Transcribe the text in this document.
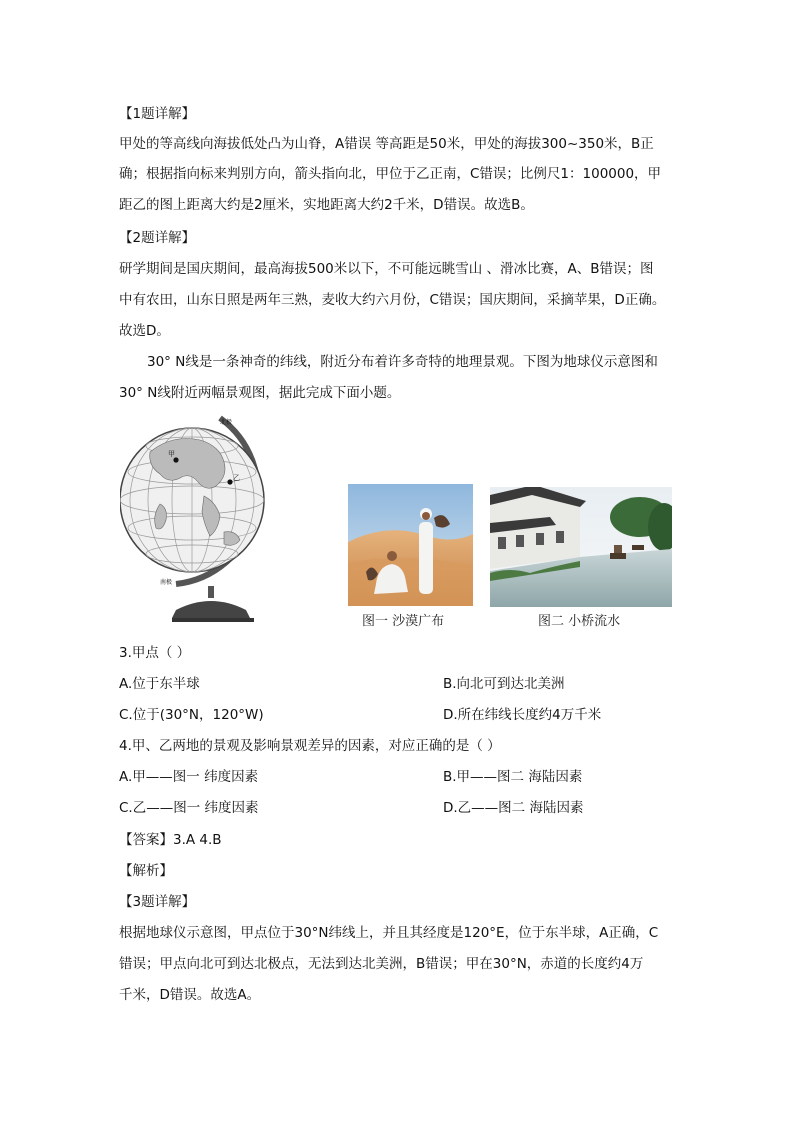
【1题详解】
甲处的等高线向海拔低处凸为山脊，A错误 等高距是50米，甲处的海拔300~350米，B正
确；根据指向标来判别方向，箭头指向北，甲位于乙正南，C错误；比例尺1：100000，甲
距乙的图上距离大约是2厘米，实地距离大约2千米，D错误。故选B。
【2题详解】
研学期间是国庆期间，最高海拔500米以下，不可能远眺雪山 、滑冰比赛，A、B错误；图
中有农田，山东日照是两年三熟，麦收大约六月份，C错误；国庆期间，采摘苹果，D正确。
故选D。
30° N线是一条神奇的纬线，附近分布着许多奇特的地理景观。下图为地球仪示意图和
30° N线附近两幅景观图，据此完成下面小题。
甲
乙
北极
南极
图一 沙漠广布	图二 小桥流水
3.甲点（ ）
A.位于东半球	B.向北可到达北美洲
C.位于(30°N，120°W)	D.所在纬线长度约4万千米
4.甲、乙两地的景观及影响景观差异的因素，对应正确的是（ ）
A.甲——图一 纬度因素	B.甲——图二 海陆因素
C.乙——图一 纬度因素	D.乙——图二 海陆因素
【答案】3.A 4.B
【解析】
【3题详解】
根据地球仪示意图，甲点位于30°N纬线上，并且其经度是120°E，位于东半球，A正确，C
错误；甲点向北可到达北极点，无法到达北美洲，B错误；甲在30°N，赤道的长度约4万
千米，D错误。故选A。
